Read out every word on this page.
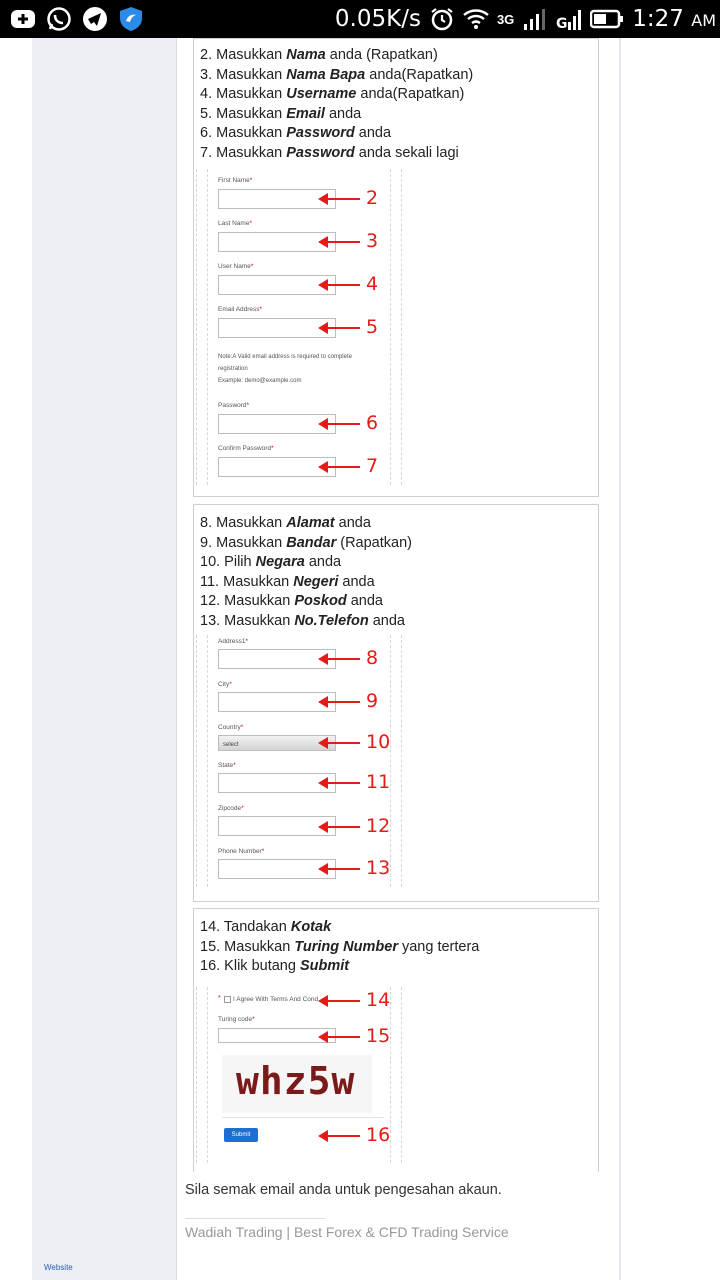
0.05K/s	3G	G	1:27 AM
Website
2. Masukkan Nama anda (Rapatkan)
3. Masukkan Nama Bapa anda(Rapatkan)
4. Masukkan Username anda(Rapatkan)
5. Masukkan Email anda
6. Masukkan Password anda
7. Masukkan Password anda sekali lagi
First Name*
2
Last Name*
3
User Name*
4
Email Address*
5
Note:A Valid email address is required to complete
registration
Example: demo@example.com
Password*
6
Confirm Password*
7
8. Masukkan Alamat anda
9. Masukkan Bandar (Rapatkan)
10. Pilih Negara anda
11. Masukkan Negeri anda
12. Masukkan Poskod anda
13. Masukkan No.Telefon anda
Address1*
8
City*
9
Country*
select	10
State*
11
Zipcode*
12
Phone Number*
13
14. Tandakan Kotak
15. Masukkan Turing Number yang tertera
16. Klik butang Submit
* I Agree With Terms And Cond	14
Turing code*
15
whz5w
Submit	16
Sila semak email anda untuk pengesahan akaun.
Wadiah Trading | Best Forex & CFD Trading Service
